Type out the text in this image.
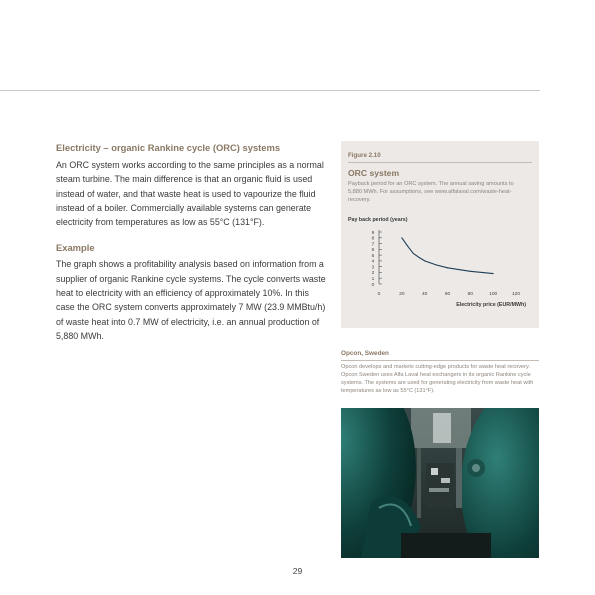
Electricity – organic Rankine cycle (ORC) systems

An ORC system works according to the same principles as a normal steam turbine. The main difference is that an organic fluid is used instead of water, and that waste heat is used to vapourize the fluid instead of a boiler. Commercially available systems can generate electricity from temperatures as low as 55°C (131°F).

Example

The graph shows a profitability analysis based on information from a supplier of organic Rankine cycle systems. The cycle converts waste heat to electricity with an efficiency of approximately 10%. In this case the ORC system converts approximately 7 MW (23.9 MMBtu/h) of waste heat into 0.7 MW of electricity, i.e. an annual production of 5,880 MWh.

Figure 2.10
ORC system
Payback period for an ORC system. The annual saving amounts to 5,880 MWh. For assumptions, see www.alfalaval.com/waste-heat-recovery.
Pay back period (years)
0
1
2
3
4
5
6
7
8
9
0	20	40	60	80	100	120
Electricity price (EUR/MWh)
Opcon, Sweden
Opcon develops and markets cutting-edge products for waste heat recovery. Opcon Sweden uses Alfa Laval heat exchangers in its organic Rankine cycle systems. The systems are used for generating electricity from waste heat with temperatures as low as 55°C (131°F).
29
